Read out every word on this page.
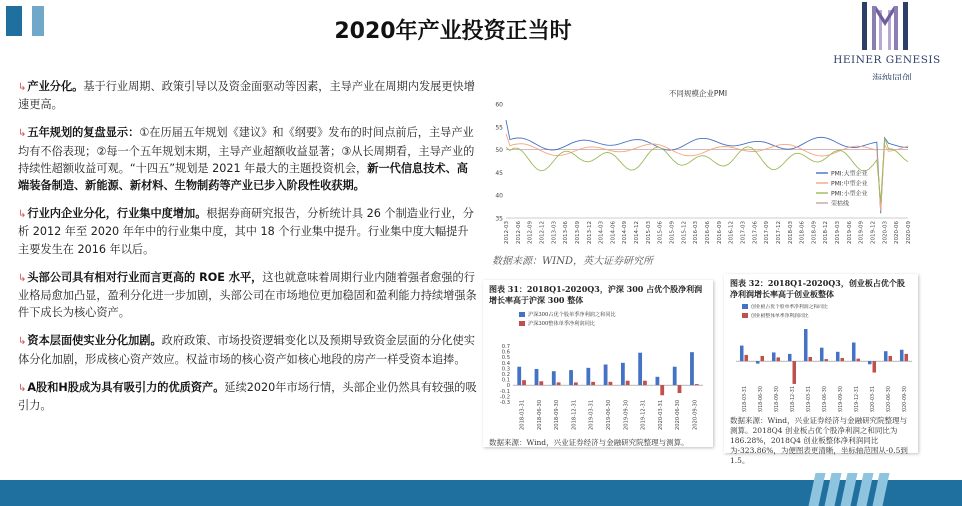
2020年产业投资正当时
HEINER GENESIS

↳产业分化。基于行业周期、政策引导以及资金面驱动等因素，主导产业在周期内发展更快增速更高。

↳五年规划的复盘显示：①在历届五年规划《建议》和《纲要》发布的时间点前后，主导产业均有不俗表现；②每一个五年规划末期，主导产业超额收益显著；③从长周期看，主导产业的持续性超额收益可观。“十四五”规划是 2021 年最大的主题投资机会，新一代信息技术、高端装备制造、新能源、新材料、生物制药等产业已步入阶段性收获期。

↳行业内企业分化，行业集中度增加。根据券商研究报告，分析统计具 26 个制造业行业，分析 2012 年至 2020 年年中的行业集中度，其中 18 个行业集中提升。行业集中度大幅提升主要发生在 2016 年以后。

↳头部公司具有相对行业而言更高的 ROE 水平，这也就意味着周期行业内随着强者愈强的行业格局愈加凸显，盈利分化进一步加剧，头部公司在市场地位更加稳固和盈利能力持续增强条件下成长为核心资产。

↳资本层面使实业分化加剧。政府政策、市场投资逻辑变化以及预期导致资金层面的分化使实体分化加剧，形成核心资产效应。权益市场的核心资产如核心地段的房产一样受资本追捧。

↳A股和H股成为具有吸引力的优质资产。延续2020年市场行情，头部企业仍然具有较强的吸引力。

不同规模企业PMI
60
55
50
45
40
35
2012-03 2012-06 2012-09 2012-12 2013-03 2013-06 2013-09 2013-12 2014-03 2014-06 2014-09 2014-12 2015-03 2015-06 2015-09 2015-12 2016-03 2016-06 2016-09 2016-12 2017-03 2017-06 2017-09 2017-12 2018-03 2018-06 2018-09 2018-12 2019-03 2019-06 2019-09 2019-12 2020-03 2020-06 2020-09
PMI:大型企业
PMI:中型企业
PMI:小型企业
荣枯线
数据来源：WIND，英大证券研究所
图表 31：2018Q1-2020Q3，沪深 300 占优个股净利润增长率高于沪深 300 整体
沪深300占优个股单季净利润之和同比
沪深300整体单季净利润同比
0.7
0.6
0.5
0.4
0.3
0.2
0.1
0
-0.1
-0.2
-0.3 2018-03-31 2018-06-30 2018-09-30 2018-12-31 2019-03-31 2019-06-30 2019-09-30 2019-12-31 2020-03-31 2020-06-30 2020-09-30
数据来源：Wind，兴业证券经济与金融研究院整理与测算。
图表 32：2018Q1-2020Q3，创业板占优个股净利润增长率高于创业板整体
创业板占优个股单季净利润之和同比
创业板整体单季净利润同比
2018-03-31 2018-06-30 2018-09-30 2018-12-31 2019-03-31 2019-06-30 2019-09-30 2019-12-31 2020-03-31 2020-06-30 2020-09-30
数据来源：Wind，兴业证券经济与金融研究院整理与测算。2018Q4 创业板占优个股净利润之和同比为 186.28%，2018Q4 创业板整体净利润同比为-323.86%，为便图表更清晰，坐标轴范围从-0.5到 1.5。
